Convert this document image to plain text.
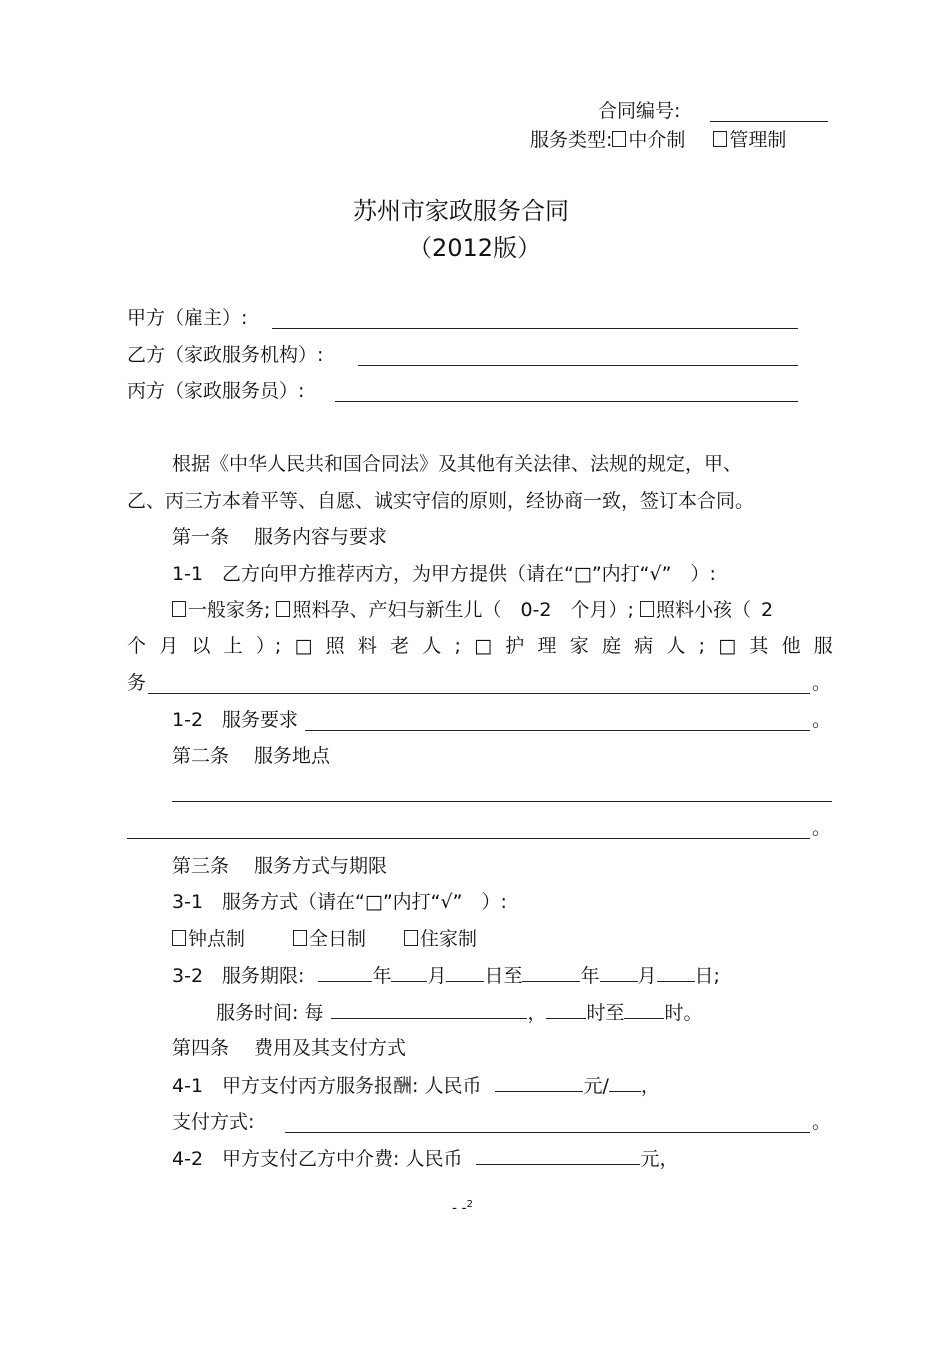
合同编号:
服务类型: 中介制 管理制
苏州市家政服务合同
（2012版）
甲方（雇主）:
乙方（家政服务机构）:
丙方（家政服务员）:
根据《中华人民共和国合同法》及其他有关法律、法规的规定，甲、
乙、丙三方本着平等、自愿、诚实守信的原则，经协商一致，签订本合同。
第一条　 服务内容与要求
1-1　乙方向甲方推荐丙方，为甲方提供（请在“□”内打“√”　）:
一般家务; 照料孕、产妇与新生儿（　0-2　个月）; 照料小孩（ 2
个 月 以 上 ）; □ 照 料 老 人 ; □ 护 理 家 庭 病 人 ; □ 其 他 服
务	。
1-2　服务要求	。
第二条　 服务地点
。
第三条　 服务方式与期限
3-1　服务方式（请在“□”内打“√”　）:
钟点制	全日制	住家制
3-2　服务期限:	年 月 日至	年 月 日;
服务时间: 每	， 时至 时。
第四条　 费用及其支付方式
4-1　甲方支付丙方服务报酬: 人民币	元/ ，
支付方式:	。
4-2　甲方支付乙方中介费: 人民币	元，
- -$^2$
